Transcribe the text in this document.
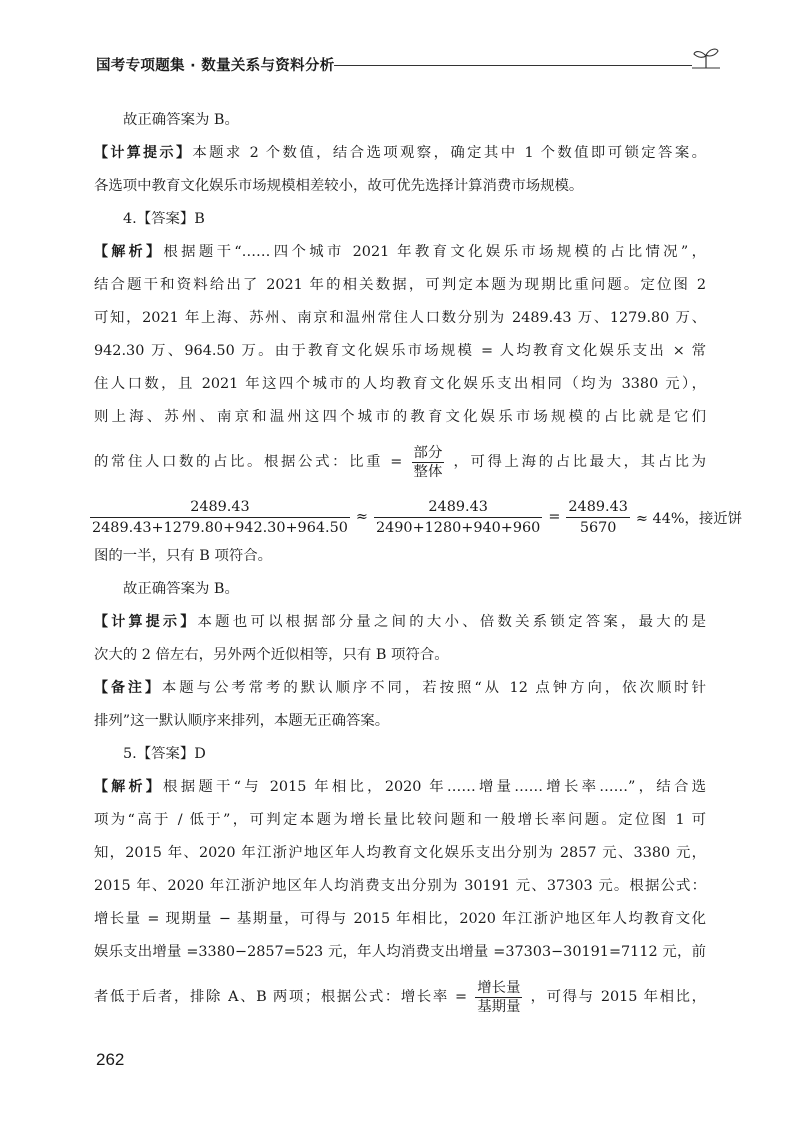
国考专项题集 · 数量关系与资料分析
故正确答案为 B。
【计算提示】本题求 2 个数值，结合选项观察，确定其中 1 个数值即可锁定答案。
各选项中教育文化娱乐市场规模相差较小，故可优先选择计算消费市场规模。
4.【答案】B
【解析】根据题干“……四个城市 2021 年教育文化娱乐市场规模的占比情况”，
结合题干和资料给出了 2021 年的相关数据，可判定本题为现期比重问题。定位图 2
可知，2021 年上海、苏州、南京和温州常住人口数分别为 2489.43 万、1279.80 万、
942.30 万、964.50 万。由于教育文化娱乐市场规模 = 人均教育文化娱乐支出 × 常
住人口数，且 2021 年这四个城市的人均教育文化娱乐支出相同（均为 3380 元），
则上海、苏州、南京和温州这四个城市的教育文化娱乐市场规模的占比就是它们
的常住人口数的占比。根据公式：比重 = $\frac{\text{部分}}{\text{整体}}$ ，可得上海的占比最大，其占比为
$\frac{2489.43}{2489.43+1279.80+942.30+964.50} \approx \frac{2489.43}{2490+1280+940+960} = \frac{2489.43}{5670} \approx 44\%$，接近饼
图的一半，只有 B 项符合。
故正确答案为 B。
【计算提示】本题也可以根据部分量之间的大小、倍数关系锁定答案，最大的是
次大的 2 倍左右，另外两个近似相等，只有 B 项符合。
【备注】本题与公考常考的默认顺序不同，若按照“从 12 点钟方向，依次顺时针
排列”这一默认顺序来排列，本题无正确答案。
5.【答案】D
【解析】根据题干“与 2015 年相比，2020 年……增量……增长率……”，结合选
项为“高于 / 低于”，可判定本题为增长量比较问题和一般增长率问题。定位图 1 可
知，2015 年、2020 年江浙沪地区年人均教育文化娱乐支出分别为 2857 元、3380 元，
2015 年、2020 年江浙沪地区年人均消费支出分别为 30191 元、37303 元。根据公式：
增长量 = 现期量 − 基期量，可得与 2015 年相比，2020 年江浙沪地区年人均教育文化
娱乐支出增量 =3380−2857=523 元，年人均消费支出增量 =37303−30191=7112 元，前
者低于后者，排除 A、B 两项；根据公式：增长率 = $\frac{\text{增长量}}{\text{基期量}}$ ，可得与 2015 年相比，
262
